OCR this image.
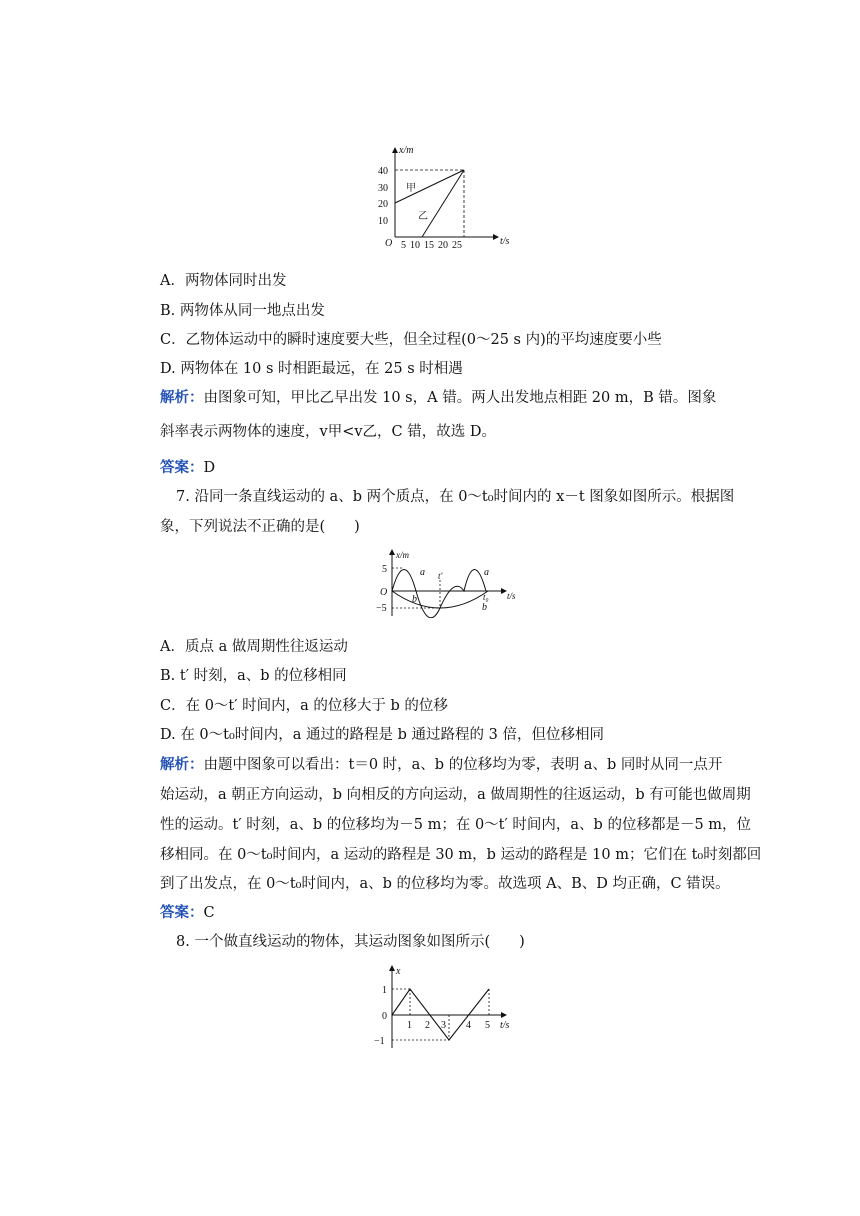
x/m
t/s
O
40
30
20
10
5 10 15 20 25
甲
乙
A．两物体同时出发
B. 两物体从同一地点出发
C．乙物体运动中的瞬时速度要大些，但全过程(0～25 s 内)的平均速度要小些
D. 两物体在 10 s 时相距最远，在 25 s 时相遇
解析：由图象可知，甲比乙早出发 10 s，A 错。两人出发地点相距 20 m，B 错。图象
斜率表示两物体的速度，v甲<v乙，C 错，故选 D。
答案：D
7. 沿同一条直线运动的 a、b 两个质点，在 0～t₀时间内的 x－t 图象如图所示。根据图
象，下列说法不正确的是(　　)
x/m
t/s
O
5
−5
t′
t₀
a	a
b
b
A．质点 a 做周期性往返运动
B. t′ 时刻，a、b 的位移相同
C．在 0～t′ 时间内，a 的位移大于 b 的位移
D. 在 0～t₀时间内，a 通过的路程是 b 通过路程的 3 倍，但位移相同
解析：由题中图象可以看出：t＝0 时，a、b 的位移均为零，表明 a、b 同时从同一点开
始运动，a 朝正方向运动，b 向相反的方向运动，a 做周期性的往返运动，b 有可能也做周期
性的运动。t′ 时刻，a、b 的位移均为－5 m；在 0～t′ 时间内，a、b 的位移都是－5 m，位
移相同。在 0～t₀时间内，a 运动的路程是 30 m，b 运动的路程是 10 m；它们在 t₀时刻都回
到了出发点，在 0～t₀时间内，a、b 的位移均为零。故选项 A、B、D 均正确，C 错误。
答案：C
8. 一个做直线运动的物体，其运动图象如图所示(　　)
x
t/s
1
0
−1
1 2 3 4 5
